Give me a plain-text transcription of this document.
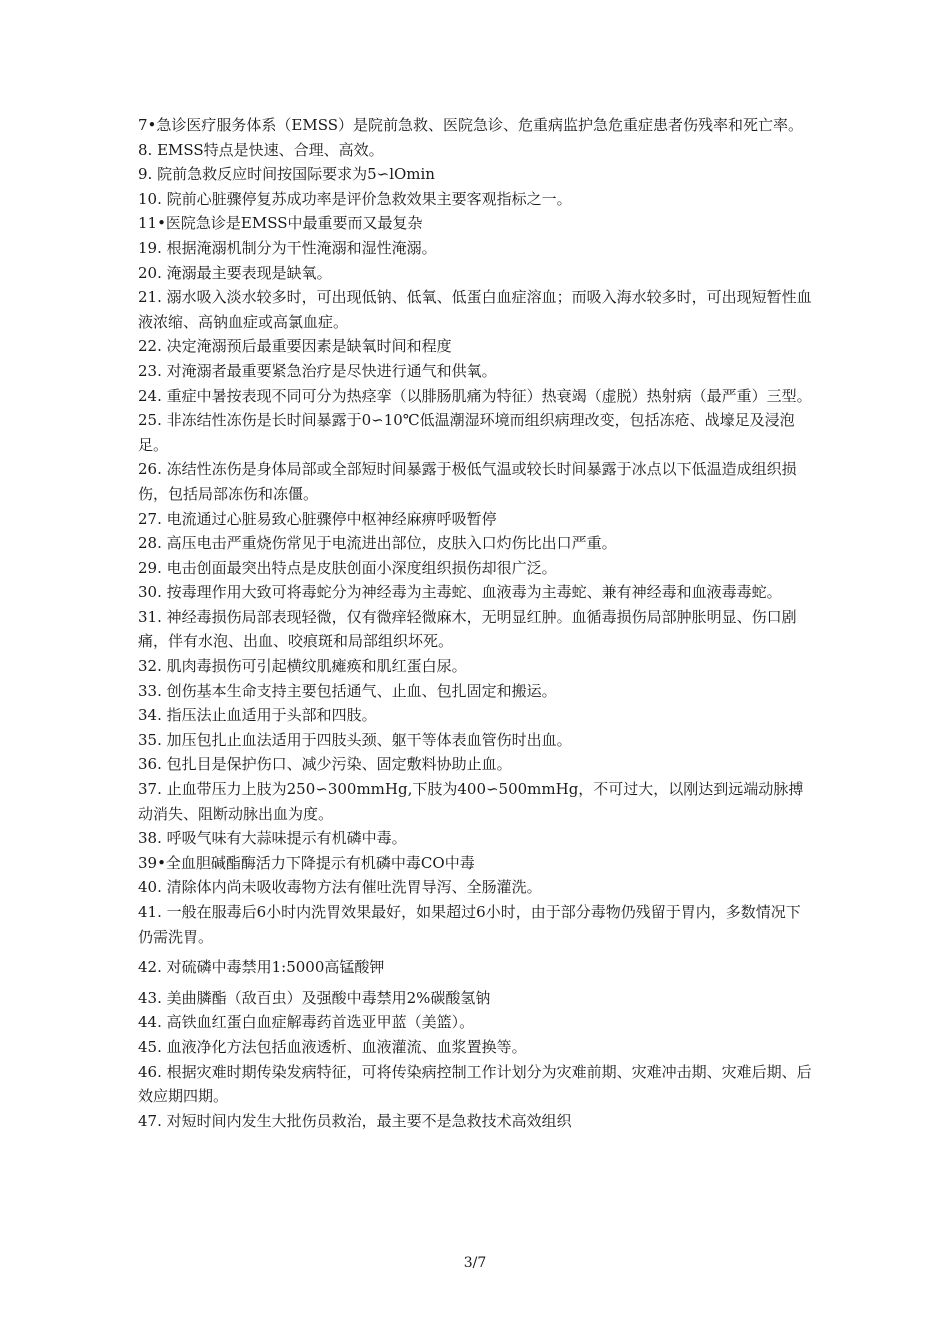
7•急诊医疗服务体系（EMSS）是院前急救、医院急诊、危重病监护急危重症患者伤残率和死亡率。

8. EMSS特点是快速、合理、高效。

9. 院前急救反应时间按国际要求为5∽lOmin

10. 院前心脏骤停复苏成功率是评价急救效果主要客观指标之一。

11•医院急诊是EMSS中最重要而又最复杂

19. 根据淹溺机制分为干性淹溺和湿性淹溺。

20. 淹溺最主要表现是缺氧。

21. 溺水吸入淡水较多时，可出现低钠、低氧、低蛋白血症溶血；而吸入海水较多时，可出现短暂性血液浓缩、高钠血症或高氯血症。

22. 决定淹溺预后最重要因素是缺氧时间和程度

23. 对淹溺者最重要紧急治疗是尽快进行通气和供氧。

24. 重症中暑按表现不同可分为热痉挛（以腓肠肌痛为特征）热衰竭（虚脱）热射病（最严重）三型。

25. 非冻结性冻伤是长时间暴露于0∽10℃低温潮湿环境而组织病理改变，包括冻疮、战壕足及浸泡足。

26. 冻结性冻伤是身体局部或全部短时间暴露于极低气温或较长时间暴露于冰点以下低温造成组织损伤，包括局部冻伤和冻僵。

27. 电流通过心脏易致心脏骤停中枢神经麻痹呼吸暂停

28. 高压电击严重烧伤常见于电流进出部位，皮肤入口灼伤比出口严重。

29. 电击创面最突出特点是皮肤创面小深度组织损伤却很广泛。

30. 按毒理作用大致可将毒蛇分为神经毒为主毒蛇、血液毒为主毒蛇、兼有神经毒和血液毒毒蛇。

31. 神经毒损伤局部表现轻微，仅有微痒轻微麻木，无明显红肿。血循毒损伤局部肿胀明显、伤口剧痛，伴有水泡、出血、咬痕斑和局部组织坏死。

32. 肌肉毒损伤可引起横纹肌瘫痪和肌红蛋白尿。

33. 创伤基本生命支持主要包括通气、止血、包扎固定和搬运。

34. 指压法止血适用于头部和四肢。

35. 加压包扎止血法适用于四肢头颈、躯干等体表血管伤时出血。

36. 包扎目是保护伤口、减少污染、固定敷料协助止血。

37. 止血带压力上肢为250∽300mmHg,下肢为400∽500mmHg，不可过大，以刚达到远端动脉搏动消失、阻断动脉出血为度。

38. 呼吸气味有大蒜味提示有机磷中毒。

39•全血胆碱酯酶活力下降提示有机磷中毒CO中毒

40. 清除体内尚未吸收毒物方法有催吐洗胃导泻、全肠灌洗。

41. 一般在服毒后6小时内洗胃效果最好，如果超过6小时，由于部分毒物仍残留于胃内，多数情况下仍需洗胃。

42. 对硫磷中毒禁用1:5000高锰酸钾

43. 美曲膦酯（敌百虫）及强酸中毒禁用2%碳酸氢钠

44. 高铁血红蛋白血症解毒药首选亚甲蓝（美篮）。

45. 血液净化方法包括血液透析、血液灌流、血浆置换等。

46. 根据灾难时期传染发病特征，可将传染病控制工作计划分为灾难前期、灾难冲击期、灾难后期、后效应期四期。

47. 对短时间内发生大批伤员救治，最主要不是急救技术高效组织

3/7
